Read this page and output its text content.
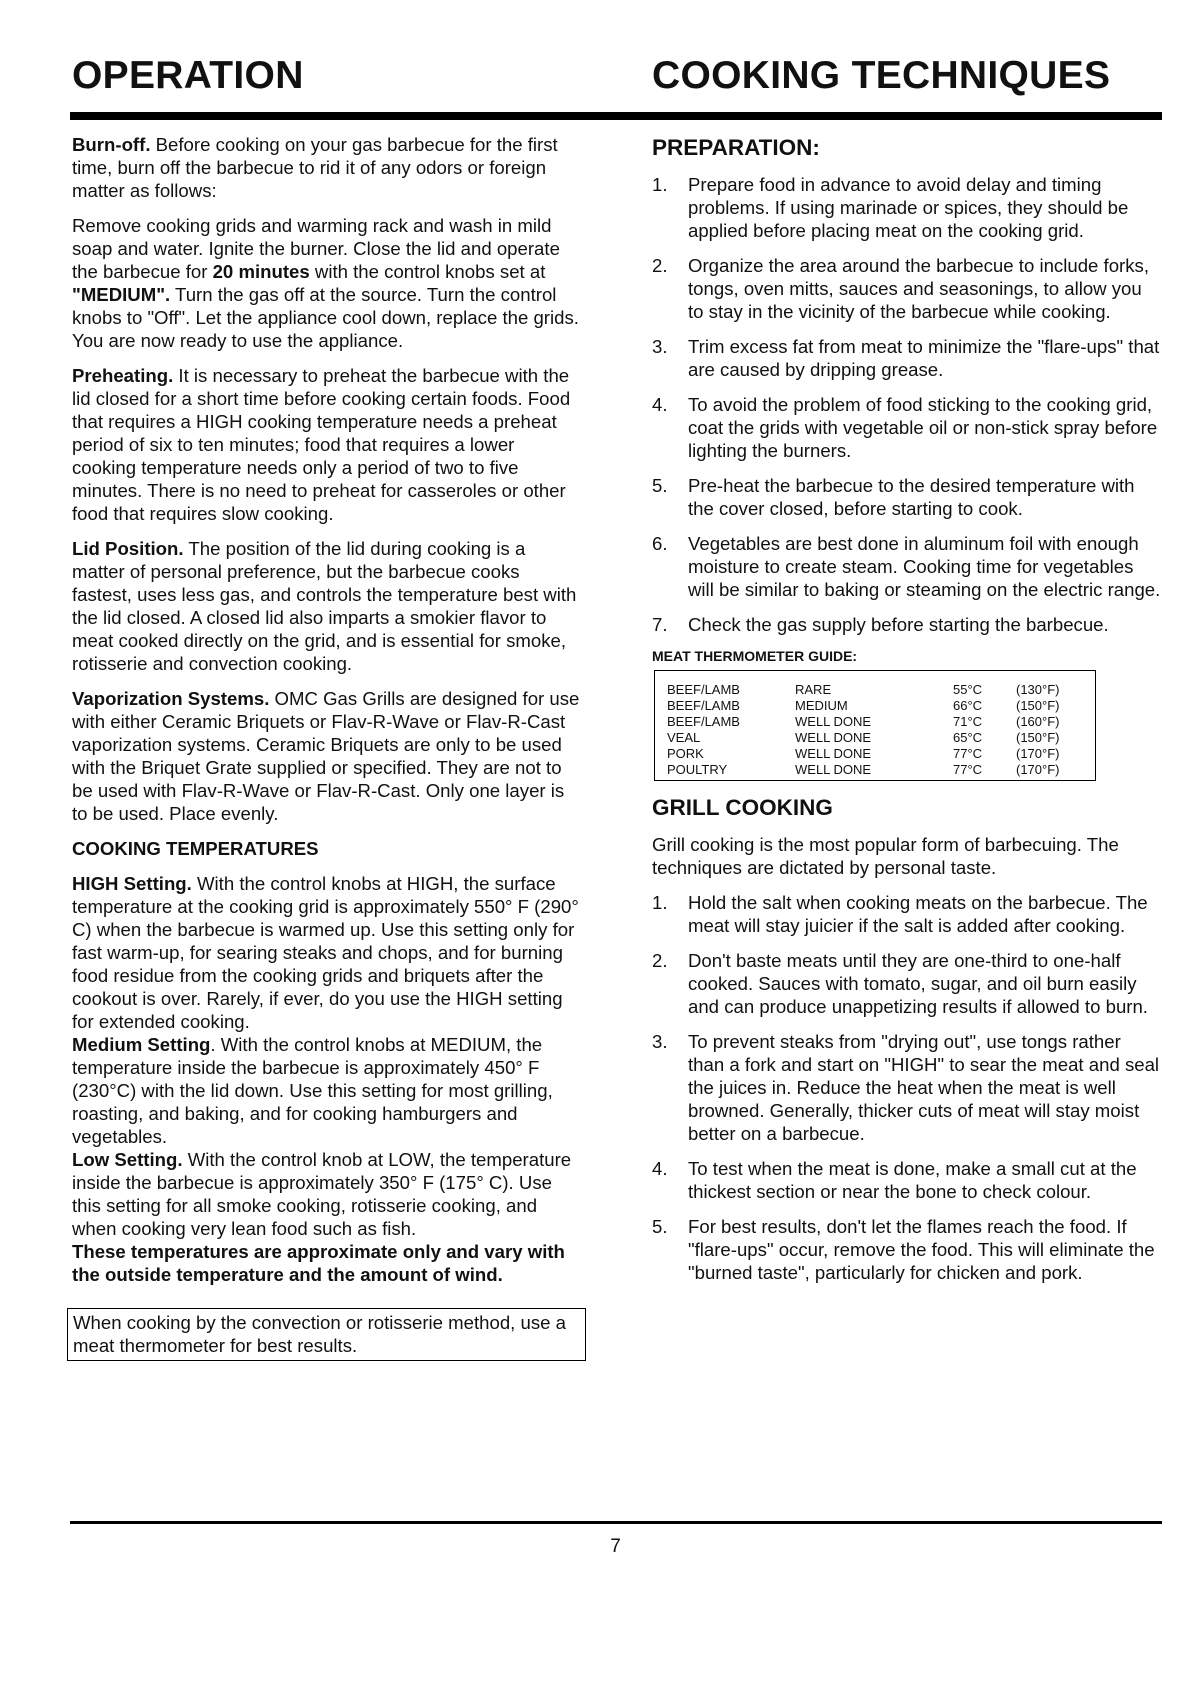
OPERATION	COOKING TECHNIQUES

Burn-off. Before cooking on your gas barbecue for the first time, burn off the barbecue to rid it of any odors or foreign matter as follows:

Remove cooking grids and warming rack and wash in mild soap and water. Ignite the burner. Close the lid and operate the barbecue for 20 minutes with the control knobs set at "MEDIUM". Turn the gas off at the source. Turn the control knobs to "Off". Let the appliance cool down, replace the grids. You are now ready to use the appliance.

Preheating. It is necessary to preheat the barbecue with the lid closed for a short time before cooking certain foods. Food that requires a HIGH cooking temperature needs a preheat period of six to ten minutes; food that requires a lower cooking temperature needs only a period of two to five minutes. There is no need to preheat for casseroles or other food that requires slow cooking.

Lid Position. The position of the lid during cooking is a matter of personal preference, but the barbecue cooks fastest, uses less gas, and controls the temperature best with the lid closed. A closed lid also imparts a smokier flavor to meat cooked directly on the grid, and is essential for smoke, rotisserie and convection cooking.

Vaporization Systems. OMC Gas Grills are designed for use with either Ceramic Briquets or Flav-R-Wave or Flav-R-Cast vaporization systems. Ceramic Briquets are only to be used with the Briquet Grate supplied or specified. They are not to be used with Flav-R-Wave or Flav-R-Cast. Only one layer is to be used. Place evenly.

COOKING TEMPERATURES

HIGH Setting. With the control knobs at HIGH, the surface temperature at the cooking grid is approximately 550° F (290° C) when the barbecue is warmed up. Use this setting only for fast warm-up, for searing steaks and chops, and for burning food residue from the cooking grids and briquets after the cookout is over. Rarely, if ever, do you use the HIGH setting for extended cooking.

Medium Setting. With the control knobs at MEDIUM, the temperature inside the barbecue is approximately 450° F (230°C) with the lid down. Use this setting for most grilling, roasting, and baking, and for cooking hamburgers and vegetables.

Low Setting. With the control knob at LOW, the temperature inside the barbecue is approximately 350° F (175° C). Use this setting for all smoke cooking, rotisserie cooking, and when cooking very lean food such as fish.

These temperatures are approximate only and vary with the outside temperature and the amount of wind.

When cooking by the convection or rotisserie method, use a meat thermometer for best results.
PREPARATION:
1. Prepare food in advance to avoid delay and timing problems. If using marinade or spices, they should be applied before placing meat on the cooking grid.
2. Organize the area around the barbecue to include forks, tongs, oven mitts, sauces and seasonings, to allow you to stay in the vicinity of the barbecue while cooking.
3. Trim excess fat from meat to minimize the "flare-ups" that are caused by dripping grease.
4. To avoid the problem of food sticking to the cooking grid, coat the grids with vegetable oil or non-stick spray before lighting the burners.
5. Pre-heat the barbecue to the desired temperature with the cover closed, before starting to cook.
6. Vegetables are best done in aluminum foil with enough moisture to create steam. Cooking time for vegetables will be similar to baking or steaming on the electric range.
7. Check the gas supply before starting the barbecue.
MEAT THERMOMETER GUIDE:
BEEF/LAMB	RARE	55°C	(130°F)
BEEF/LAMB	MEDIUM	66°C	(150°F)
BEEF/LAMB	WELL DONE	71°C	(160°F)
VEAL	WELL DONE	65°C	(150°F)
PORK	WELL DONE	77°C	(170°F)
POULTRY	WELL DONE	77°C	(170°F)
GRILL COOKING

Grill cooking is the most popular form of barbecuing. The techniques are dictated by personal taste.

1. Hold the salt when cooking meats on the barbecue. The meat will stay juicier if the salt is added after cooking.
2. Don't baste meats until they are one-third to one-half cooked. Sauces with tomato, sugar, and oil burn easily and can produce unappetizing results if allowed to burn.
3. To prevent steaks from "drying out", use tongs rather than a fork and start on "HIGH" to sear the meat and seal the juices in. Reduce the heat when the meat is well browned. Generally, thicker cuts of meat will stay moist better on a barbecue.
4. To test when the meat is done, make a small cut at the thickest section or near the bone to check colour.
5. For best results, don't let the flames reach the food. If "flare-ups" occur, remove the food. This will eliminate the "burned taste", particularly for chicken and pork.
7
